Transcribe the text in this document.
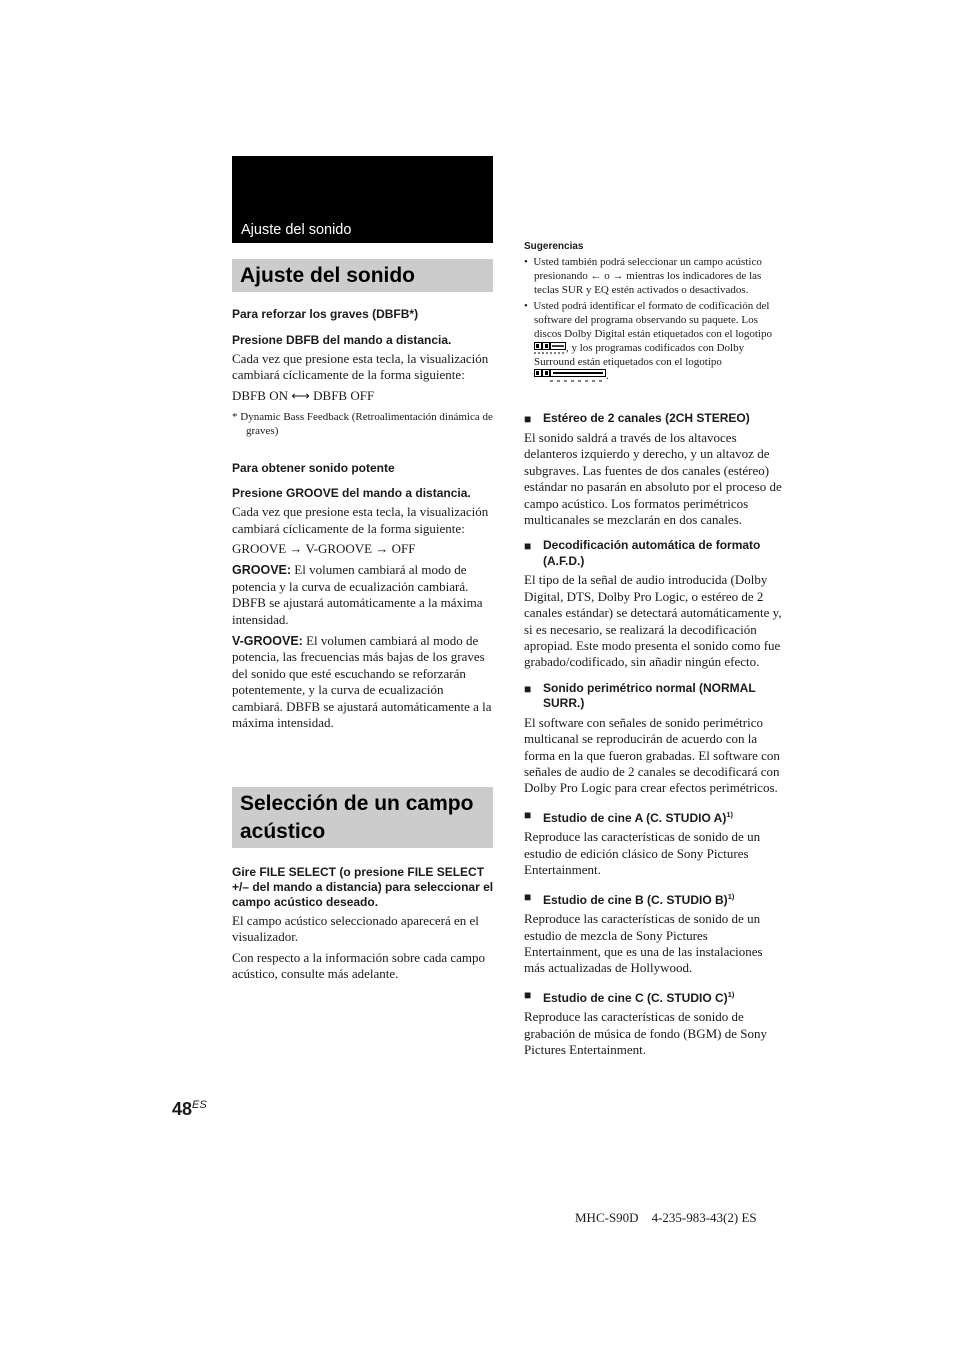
Ajuste del sonido
Ajuste del sonido
Selección de un campo acústico

Para reforzar los graves (DBFB*)

Presione DBFB del mando a distancia.

Cada vez que presione esta tecla, la visualización cambiará cíclicamente de la forma siguiente:

DBFB ON ⟷ DBFB OFF

* Dynamic Bass Feedback (Retroalimentación dinámica de graves)

Para obtener sonido potente

Presione GROOVE del mando a distancia.

Cada vez que presione esta tecla, la visualización cambiará cíclicamente de la forma siguiente:

GROOVE → V-GROOVE → OFF

GROOVE: El volumen cambiará al modo de potencia y la curva de ecualización cambiará. DBFB se ajustará automáticamente a la máxima intensidad.

V-GROOVE: El volumen cambiará al modo de potencia, las frecuencias más bajas de los graves del sonido que esté escuchando se reforzarán potentemente, y la curva de ecualización cambiará. DBFB se ajustará automáticamente a la máxima intensidad.

Gire FILE SELECT (o presione FILE SELECT +/– del mando a distancia) para seleccionar el campo acústico deseado.

El campo acústico seleccionado aparecerá en el visualizador.

Con respecto a la información sobre cada campo acústico, consulte más adelante.

Sugerencias

• Usted también podrá seleccionar un campo acústico presionando ← o → mientras los indicadores de las teclas SUR y EQ estén activados o desactivados.

• Usted podrá identificar el formato de codificación del software del programa observando su paquete. Los discos Dolby Digital están etiquetados con el logotipo , y los programas codificados con Dolby Surround están etiquetados con el logotipo .

■ Estéreo de 2 canales (2CH STEREO)

El sonido saldrá a través de los altavoces delanteros izquierdo y derecho, y un altavoz de subgraves. Las fuentes de dos canales (estéreo) estándar no pasarán en absoluto por el proceso de campo acústico. Los formatos perimétricos multicanales se mezclarán en dos canales.

■ Decodificación automática de formato (A.F.D.)

El tipo de la señal de audio introducida (Dolby Digital, DTS, Dolby Pro Logic, o estéreo de 2 canales estándar) se detectará automáticamente y, si es necesario, se realizará la decodificación apropiad. Este modo presenta el sonido como fue grabado/codificado, sin añadir ningún efecto.

■ Sonido perimétrico normal (NORMAL SURR.)

El software con señales de sonido perimétrico multicanal se reproducirán de acuerdo con la forma en la que fueron grabadas. El software con señales de audio de 2 canales se decodificará con Dolby Pro Logic para crear efectos perimétricos.

■ Estudio de cine A (C. STUDIO A)$^{1)}$

Reproduce las características de sonido de un estudio de edición clásico de Sony Pictures Entertainment.

■ Estudio de cine B (C. STUDIO B)$^{1)}$

Reproduce las características de sonido de un estudio de mezcla de Sony Pictures Entertainment, que es una de las instalaciones más actualizadas de Hollywood.

■ Estudio de cine C (C. STUDIO C)$^{1)}$

Reproduce las características de sonido de grabación de música de fondo (BGM) de Sony Pictures Entertainment.

$48^{ES}$
MHC-S90D    4-235-983-43(2) ES
